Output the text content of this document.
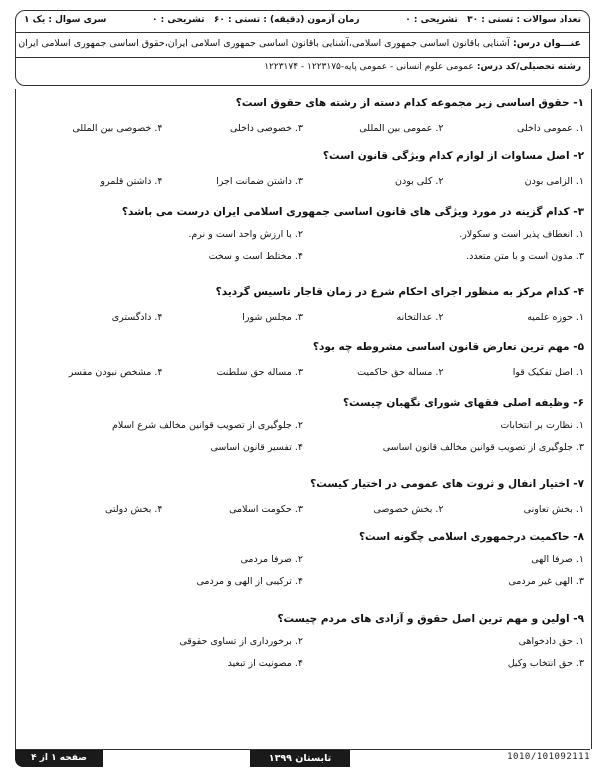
تعداد سوالات : تستی : ۳۰   تشریحی : ۰
زمان آزمون (دقیقه) : تستی : ۶۰   تشریحی : ۰
سری سوال : یک ۱
عنـــوان درس: آشنایی باقانون اساسی جمهوری اسلامی،آشنایی باقانون اساسی جمهوری اسلامی ایران،حقوق اساسی جمهوری اسلامی ایران
رشته تحصیلی/کد درس: عمومی علوم انسانی - عمومی پایه-۱۲۲۳۱۷۵ - ۱۲۲۳۱۷۴
۱- حقوق اساسی زیر مجموعه کدام دسته از رشته های حقوق است؟
۱. عمومی داخلی
۲. عمومی بین المللی
۳. خصوصی داخلی
۴. خصوصی بین المللی
۲- اصل مساوات از لوازم کدام ویژگی قانون است؟
۱. الزامی بودن
۲. کلی بودن
۳. داشتن ضمانت اجرا
۴. داشتن قلمرو
۳- کدام گزینه در مورد ویژگی های قانون اساسی جمهوری اسلامی ایران درست می باشد؟
۱. انعطاف پذیر است و سکولار.
۲. با ارزش واحد است و نرم.
۳. مدون است و با متن متعدد.
۴. مختلط است و سخت
۴- کدام مرکز به منظور اجرای احکام شرع در زمان قاجار تاسیس گردید؟
۱. حوزه علمیه
۲. عدالتخانه
۳. مجلس شورا
۴. دادگستری
۵- مهم ترین تعارض قانون اساسی مشروطه چه بود؟
۱. اصل تفکیک قوا
۲. مساله حق حاکمیت
۳. مساله حق سلطنت
۴. مشخص نبودن مفسر
۶- وظیفه اصلی فقهای شورای نگهبان چیست؟
۱. نظارت بر انتخابات
۲. جلوگیری از تصویب قوانین مخالف شرع اسلام
۳. جلوگیری از تصویب قوانین مخالف قانون اساسی
۴. تفسیر قانون اساسی
۷- اختیار انفال و ثروت های عمومی در اختیار کیست؟
۱. بخش تعاونی
۲. بخش خصوصی
۳. حکومت اسلامی
۴. بخش دولتی
۸- حاکمیت درجمهوری اسلامی چگونه است؟
۱. صرفا الهی
۲. صرفا مردمی
۳. الهی غیر مردمی
۴. ترکیبی از الهی و مردمی
۹- اولین و مهم ترین اصل حقوق و آزادی های مردم چیست؟
۱. حق دادخواهی
۲. برخورداری از تساوی حقوقی
۳. حق انتخاب وکیل
۴. مصونیت از تبعید
صفحه ۱ از ۴	تابستان ۱۳۹۹	1010/101092111
